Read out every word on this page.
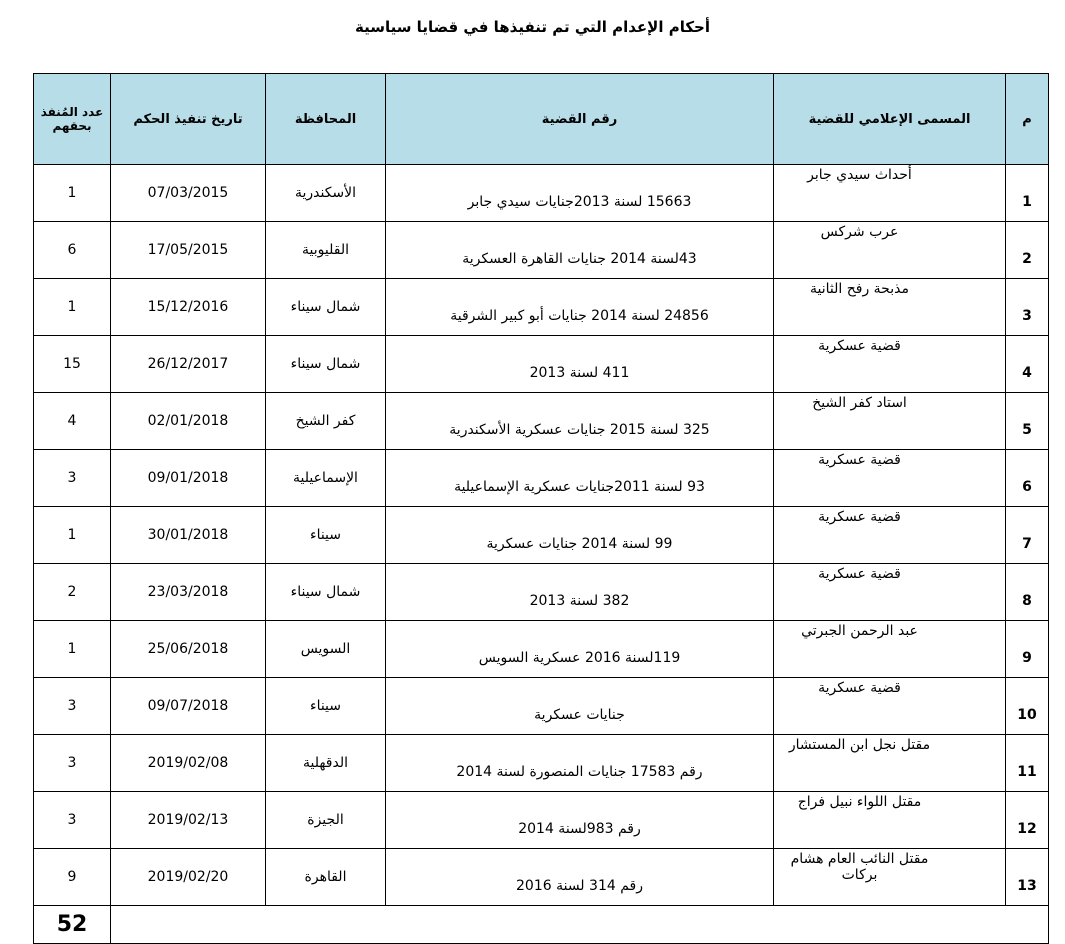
أحكام الإعدام التي تم تنفيذها في قضايا سياسية
عدد المُنفذ بحقهم	تاريخ تنفيذ الحكم	المحافظة	رقم القضية	المسمى الإعلامي للقضية	م
1	07/03/2015	الأسكندرية	15663 لسنة 2013جنايات سيدي جابر	أحداث سيدي جابر	1
6	17/05/2015	القليوبية	43لسنة 2014 جنايات القاهرة العسكرية	عرب شركس	2
1	15/12/2016	شمال سيناء	24856 لسنة 2014 جنايات أبو كبير الشرقية	مذبحة رفح الثانية	3
15	26/12/2017	شمال سيناء	411 لسنة 2013	قضية عسكرية	4
4	02/01/2018	كفر الشيخ	325 لسنة 2015 جنايات عسكرية الأسكندرية	استاد كفر الشيخ	5
3	09/01/2018	الإسماعيلية	93 لسنة 2011جنايات عسكرية الإسماعيلية	قضية عسكرية	6
1	30/01/2018	سيناء	99 لسنة 2014 جنايات عسكرية	قضية عسكرية	7
2	23/03/2018	شمال سيناء	382 لسنة 2013	قضية عسكرية	8
1	25/06/2018	السويس	119لسنة 2016 عسكرية السويس	عبد الرحمن الجبرتي	9
3	09/07/2018	سيناء	جنايات عسكرية	قضية عسكرية	10
3	2019/02/08	الدقهلية	رقم 17583 جنايات المنصورة لسنة 2014	مقتل نجل ابن المستشار	11
3	2019/02/13	الجيزة	رقم 983لسنة 2014	مقتل اللواء نبيل فراج	12
9	2019/02/20	القاهرة	رقم 314 لسنة 2016	مقتل النائب العام هشام بركات	13
52					
